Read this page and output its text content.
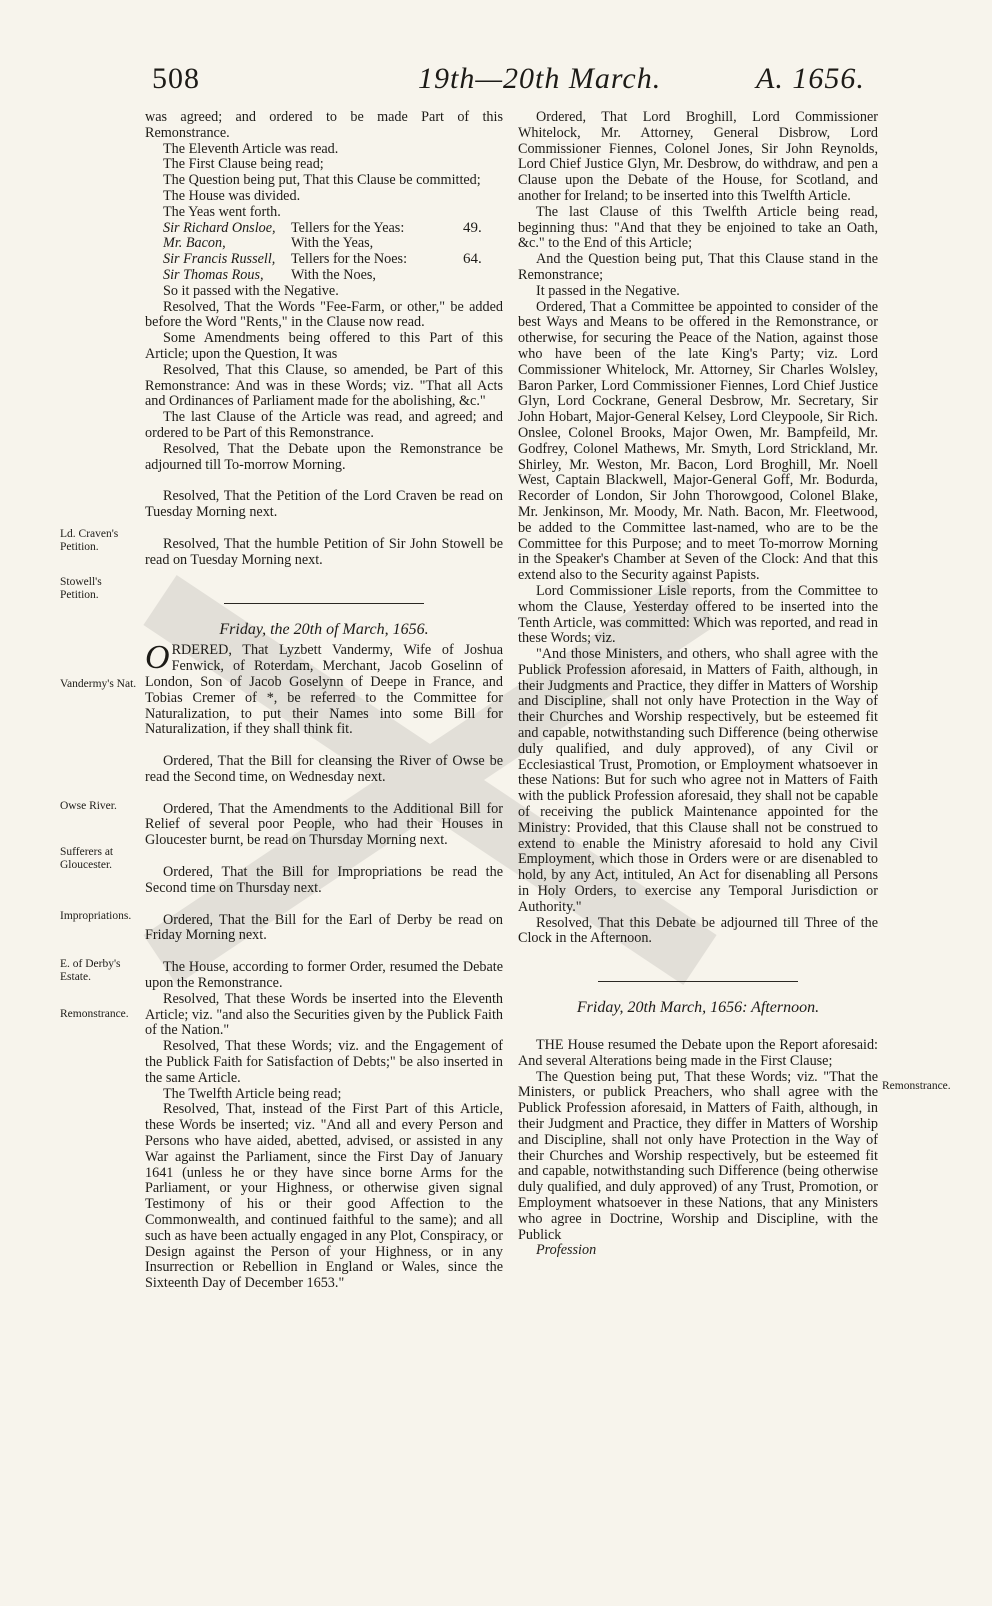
508	19th—20th March.	A. 1656.

was agreed; and ordered to be made Part of this Remonstrance.

The Eleventh Article was read.

The First Clause being read;

The Question being put, That this Clause be committed;

The House was divided.

The Yeas went forth.

Sir Richard Onsloe,	Tellers for the Yeas:	49.
Mr. Bacon,	With the Yeas,
Sir Francis Russell,	Tellers for the Noes:	64.
Sir Thomas Rous,	With the Noes,

So it passed with the Negative.

Resolved, That the Words "Fee-Farm, or other," be added before the Word "Rents," in the Clause now read.

Some Amendments being offered to this Part of this Article; upon the Question, It was

Resolved, That this Clause, so amended, be Part of this Remonstrance: And was in these Words; viz. "That all Acts and Ordinances of Parliament made for the abolishing, &c."

The last Clause of the Article was read, and agreed; and ordered to be Part of this Remonstrance.

Resolved, That the Debate upon the Remonstrance be adjourned till To-morrow Morning.

Resolved, That the Petition of the Lord Craven be read on Tuesday Morning next.

Resolved, That the humble Petition of Sir John Stowell be read on Tuesday Morning next.

Friday, the 20th of March, 1656.

ORDERED, That Lyzbett Vandermy, Wife of Joshua Fenwick, of Roterdam, Merchant, Jacob Goselinn of London, Son of Jacob Goselynn of Deepe in France, and Tobias Cremer of *, be referred to the Committee for Naturalization, to put their Names into some Bill for Naturalization, if they shall think fit.

Ordered, That the Bill for cleansing the River of Owse be read the Second time, on Wednesday next.

Ordered, That the Amendments to the Additional Bill for Relief of several poor People, who had their Houses in Gloucester burnt, be read on Thursday Morning next.

Ordered, That the Bill for Impropriations be read the Second time on Thursday next.

Ordered, That the Bill for the Earl of Derby be read on Friday Morning next.

The House, according to former Order, resumed the Debate upon the Remonstrance.

Resolved, That these Words be inserted into the Eleventh Article; viz. "and also the Securities given by the Publick Faith of the Nation."

Resolved, That these Words; viz. and the Engagement of the Publick Faith for Satisfaction of Debts;" be also inserted in the same Article.

The Twelfth Article being read;

Resolved, That, instead of the First Part of this Article, these Words be inserted; viz. "And all and every Person and Persons who have aided, abetted, advised, or assisted in any War against the Parliament, since the First Day of January 1641 (unless he or they have since borne Arms for the Parliament, or your Highness, or otherwise given signal Testimony of his or their good Affection to the Commonwealth, and continued faithful to the same); and all such as have been actually engaged in any Plot, Conspiracy, or Design against the Person of your Highness, or in any Insurrection or Rebellion in England or Wales, since the Sixteenth Day of December 1653."

Ld. Craven's Petition.
Stowell's Petition.
Vandermy's Nat.
Owse River.
Sufferers at Gloucester.
Impropriations.
E. of Derby's Estate.
Remonstrance.

Ordered, That Lord Broghill, Lord Commissioner Whitelock, Mr. Attorney, General Disbrow, Lord Commissioner Fiennes, Colonel Jones, Sir John Reynolds, Lord Chief Justice Glyn, Mr. Desbrow, do withdraw, and pen a Clause upon the Debate of the House, for Scotland, and another for Ireland; to be inserted into this Twelfth Article.

The last Clause of this Twelfth Article being read, beginning thus: "And that they be enjoined to take an Oath, &c." to the End of this Article;

And the Question being put, That this Clause stand in the Remonstrance;

It passed in the Negative.

Ordered, That a Committee be appointed to consider of the best Ways and Means to be offered in the Remonstrance, or otherwise, for securing the Peace of the Nation, against those who have been of the late King's Party; viz. Lord Commissioner Whitelock, Mr. Attorney, Sir Charles Wolsley, Baron Parker, Lord Commissioner Fiennes, Lord Chief Justice Glyn, Lord Cockrane, General Desbrow, Mr. Secretary, Sir John Hobart, Major-General Kelsey, Lord Cleypoole, Sir Rich. Onslee, Colonel Brooks, Major Owen, Mr. Bampfeild, Mr. Godfrey, Colonel Mathews, Mr. Smyth, Lord Strickland, Mr. Shirley, Mr. Weston, Mr. Bacon, Lord Broghill, Mr. Noell West, Captain Blackwell, Major-General Goff, Mr. Bodurda, Recorder of London, Sir John Thorowgood, Colonel Blake, Mr. Jenkinson, Mr. Moody, Mr. Nath. Bacon, Mr. Fleetwood, be added to the Committee last-named, who are to be the Committee for this Purpose; and to meet To-morrow Morning in the Speaker's Chamber at Seven of the Clock: And that this extend also to the Security against Papists.

Lord Commissioner Lisle reports, from the Committee to whom the Clause, Yesterday offered to be inserted into the Tenth Article, was committed: Which was reported, and read in these Words; viz.

"And those Ministers, and others, who shall agree with the Publick Profession aforesaid, in Matters of Faith, although, in their Judgments and Practice, they differ in Matters of Worship and Discipline, shall not only have Protection in the Way of their Churches and Worship respectively, but be esteemed fit and capable, notwithstanding such Difference (being otherwise duly qualified, and duly approved), of any Civil or Ecclesiastical Trust, Promotion, or Employment whatsoever in these Nations: But for such who agree not in Matters of Faith with the publick Profession aforesaid, they shall not be capable of receiving the publick Maintenance appointed for the Ministry: Provided, that this Clause shall not be construed to extend to enable the Ministry aforesaid to hold any Civil Employment, which those in Orders were or are disenabled to hold, by any Act, intituled, An Act for disenabling all Persons in Holy Orders, to exercise any Temporal Jurisdiction or Authority."

Resolved, That this Debate be adjourned till Three of the Clock in the Afternoon.

Friday, 20th March, 1656: Afternoon.

THE House resumed the Debate upon the Report aforesaid: And several Alterations being made in the First Clause;

The Question being put, That these Words; viz. "That the Ministers, or publick Preachers, who shall agree with the Publick Profession aforesaid, in Matters of Faith, although, in their Judgment and Practice, they differ in Matters of Worship and Discipline, shall not only have Protection in the Way of their Churches and Worship respectively, but be esteemed fit and capable, notwithstanding such Difference (being otherwise duly qualified, and duly approved) of any Trust, Promotion, or Employment whatsoever in these Nations, that any Ministers who agree in Doctrine, Worship and Discipline, with the Publick

Profession

Remonstrance.
